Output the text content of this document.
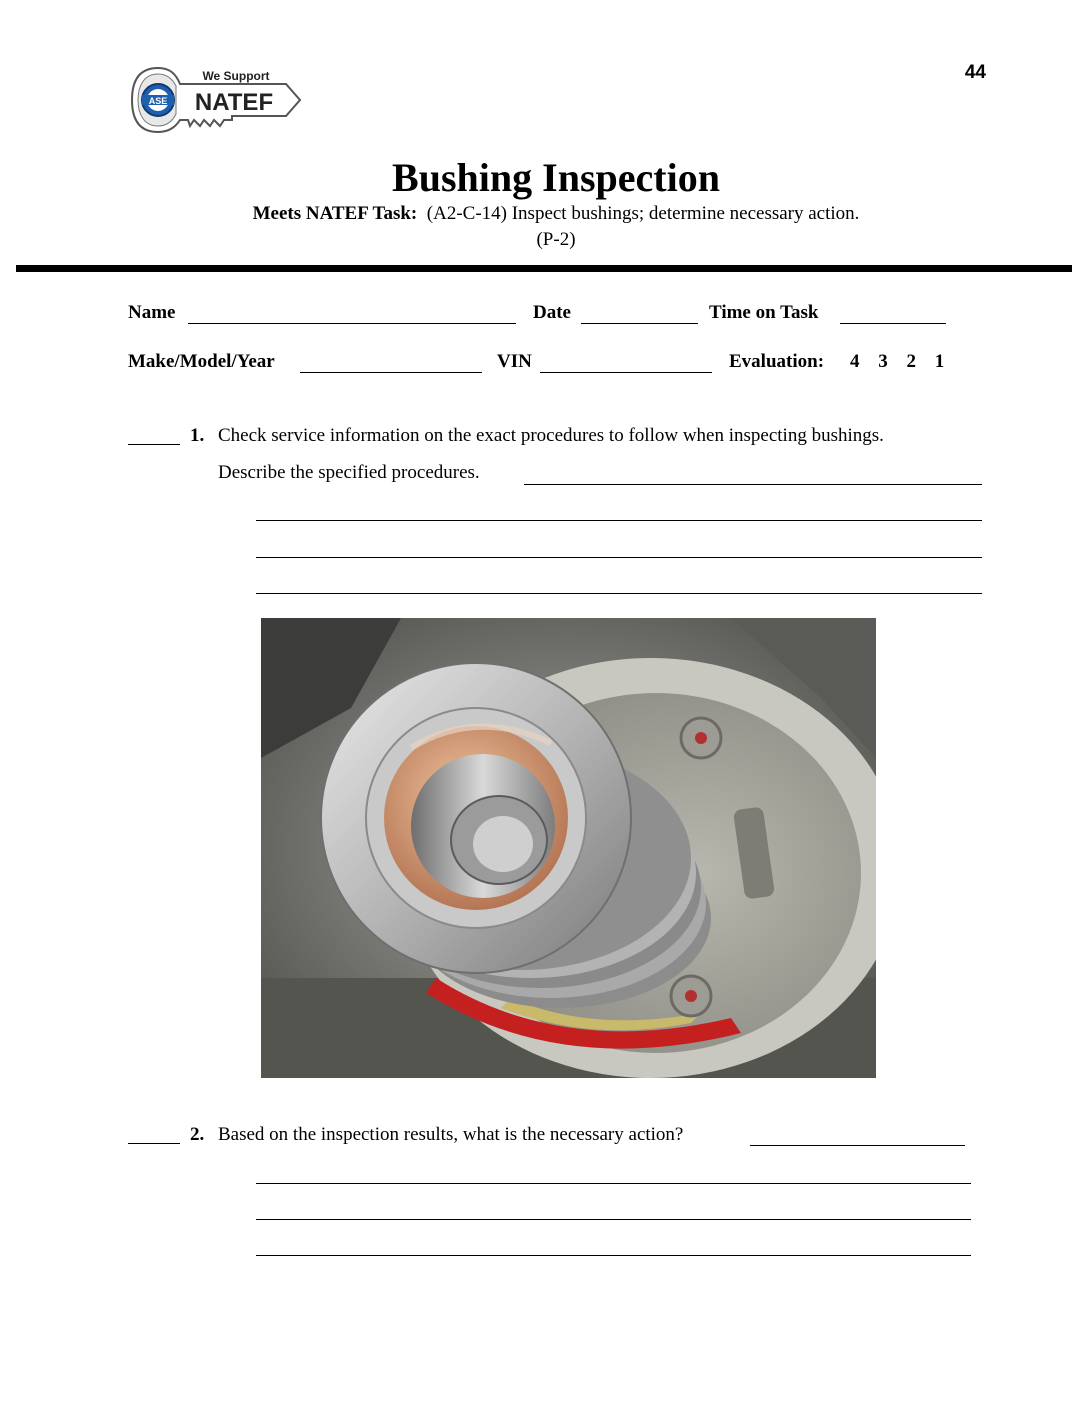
44
ASE
We Support
NATEF
Bushing Inspection
Meets NATEF Task: (A2-C-14) Inspect bushings; determine necessary action.
(P-2)
Name	Date	Time on Task
Make/Model/Year	VIN	Evaluation: 4 3 2 1
1. Check service information on the exact procedures to follow when inspecting bushings.
Describe the specified procedures.
2. Based on the inspection results, what is the necessary action?
